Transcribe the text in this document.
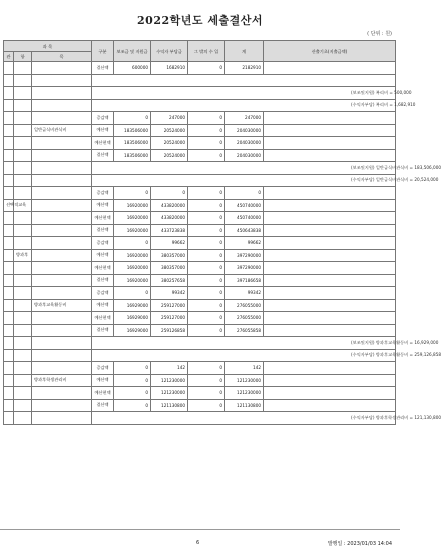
2022학년도 세출결산서
( 단위 : 원)
과 목			구분	보조금 및 지원금	수익자 부담금	그 밖의 수 입	계	산출기초(지출금액)
관	항	목						
			결산액	600000	1682910	0	2182910	

			(보조및지원) 복리비 = 500,000					
			(수익자부담) 복리비 = 1,682,910					
			증감액	0	247000	0	247000	
		일반급식비관식비	예산액	183506000	20524000	0	204030000	
			예산현액	183506000	20524000	0	204030000	
			결산액	183506000	20524000	0	204030000	
			(보조및지원) 일반급식비관식비 = 183,506,000					
			(수익자부담) 일반급식비관식비 = 20,524,000					
			증감액	0	0	0	0	
선택적교육			예산액	16920000	433820000	0	450740000	
			예산현액	16920000	433820000	0	450740000	
			결산액	16920000	433723838	0	450643838	
			증감액	0	99662	0	99662	
	방과후		예산액	16920000	380357000	0	397290000	
			예산현액	16920000	380357000	0	397290000	
			결산액	16920000	380257658	0	397186658	
			증감액	0	99342	0	99342	
		방과후교육활동비	예산액	16929000	259127000	0	276055000	
			예산현액	16929000	259127000	0	276055000	
			결산액	16929000	259126858	0	276055858	
			(보조및지원) 방과후교육활동비 = 16,929,000					
			(수익자부담) 방과후교육활동비 = 259,126,858					
			증감액	0	142	0	142	
		방과후학생관리비	예산액	0	121230000	0	121230000	
			예산현액	0	121230000	0	121230000	
			결산액	0	121130800	0	121130800	
			(수익자부담) 방과후학생관리비 = 121,130,800					
6	발행일 : 2023/01/03 14:04
